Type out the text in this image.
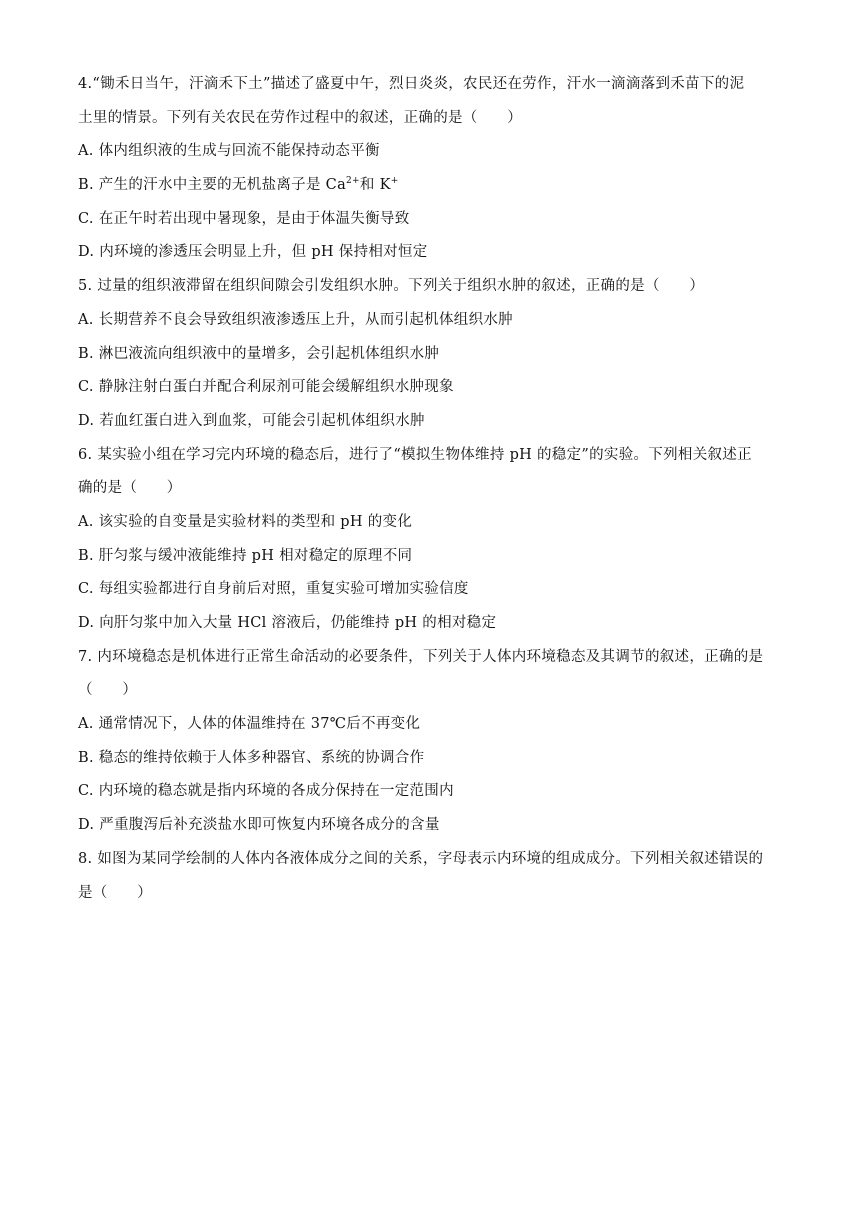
4.“锄禾日当午，汗滴禾下土”描述了盛夏中午，烈日炎炎，农民还在劳作，汗水一滴滴落到禾苗下的泥
土里的情景。下列有关农民在劳作过程中的叙述，正确的是（　　）
A. 体内组织液的生成与回流不能保持动态平衡
B. 产生的汗水中主要的无机盐离子是 $Ca^{2+}$和 K+
C. 在正午时若出现中暑现象，是由于体温失衡导致
D. 内环境的渗透压会明显上升，但 pH 保持相对恒定
5. 过量的组织液滞留在组织间隙会引发组织水肿。下列关于组织水肿的叙述，正确的是（　　）
A. 长期营养不良会导致组织液渗透压上升，从而引起机体组织水肿
B. 淋巴液流向组织液中的量增多，会引起机体组织水肿
C. 静脉注射白蛋白并配合利尿剂可能会缓解组织水肿现象
D. 若血红蛋白进入到血浆，可能会引起机体组织水肿
6. 某实验小组在学习完内环境的稳态后，进行了“模拟生物体维持 pH 的稳定”的实验。下列相关叙述正
确的是（　　）
A. 该实验的自变量是实验材料的类型和 pH 的变化
B. 肝匀浆与缓冲液能维持 pH 相对稳定的原理不同
C. 每组实验都进行自身前后对照，重复实验可增加实验信度
D. 向肝匀浆中加入大量 HCl 溶液后，仍能维持 pH 的相对稳定
7. 内环境稳态是机体进行正常生命活动的必要条件，下列关于人体内环境稳态及其调节的叙述，正确的是
（　　）
A. 通常情况下，人体的体温维持在 37℃后不再变化
B. 稳态的维持依赖于人体多种器官、系统的协调合作
C. 内环境的稳态就是指内环境的各成分保持在一定范围内
D. 严重腹泻后补充淡盐水即可恢复内环境各成分的含量
8. 如图为某同学绘制的人体内各液体成分之间的关系，字母表示内环境的组成成分。下列相关叙述错误的
是（　　）
